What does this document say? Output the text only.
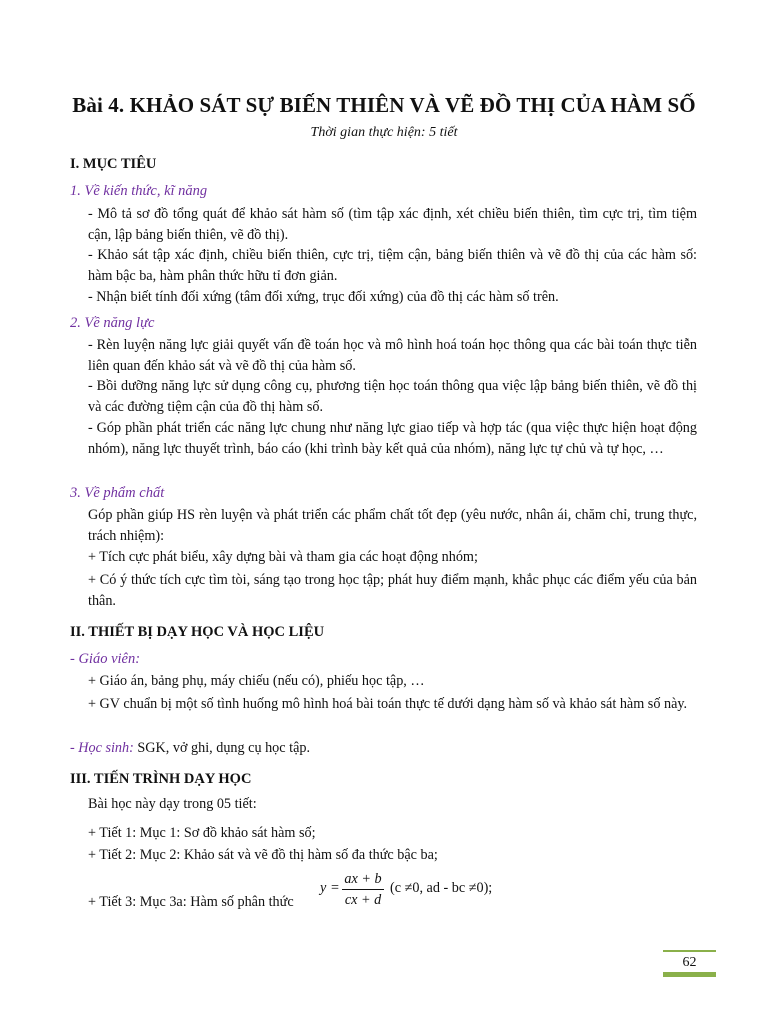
Bài 4. KHẢO SÁT SỰ BIẾN THIÊN VÀ VẼ ĐỒ THỊ CỦA HÀM SỐ
Thời gian thực hiện: 5 tiết
I. MỤC TIÊU
1. Về kiến thức, kĩ năng
- Mô tả sơ đồ tổng quát để khảo sát hàm số (tìm tập xác định, xét chiều biến thiên, tìm cực trị, tìm tiệm cận, lập bảng biến thiên, vẽ đồ thị).
- Khảo sát tập xác định, chiều biến thiên, cực trị, tiệm cận, bảng biến thiên và vẽ đồ thị của các hàm số: hàm bậc ba, hàm phân thức hữu tỉ đơn giản.
- Nhận biết tính đối xứng (tâm đối xứng, trục đối xứng) của đồ thị các hàm số trên.
2. Về năng lực
- Rèn luyện năng lực giải quyết vấn đề toán học và mô hình hoá toán học thông qua các bài toán thực tiễn liên quan đến khảo sát và vẽ đồ thị của hàm số.
- Bồi dưỡng năng lực sử dụng công cụ, phương tiện học toán thông qua việc lập bảng biến thiên, vẽ đồ thị và các đường tiệm cận của đồ thị hàm số.
- Góp phần phát triển các năng lực chung như năng lực giao tiếp và hợp tác (qua việc thực hiện hoạt động nhóm), năng lực thuyết trình, báo cáo (khi trình bày kết quả của nhóm), năng lực tự chủ và tự học, …
3. Về phẩm chất
Góp phần giúp HS rèn luyện và phát triển các phẩm chất tốt đẹp (yêu nước, nhân ái, chăm chỉ, trung thực, trách nhiệm):
+ Tích cực phát biểu, xây dựng bài và tham gia các hoạt động nhóm;
+ Có ý thức tích cực tìm tòi, sáng tạo trong học tập; phát huy điểm mạnh, khắc phục các điểm yếu của bản thân.
II. THIẾT BỊ DẠY HỌC VÀ HỌC LIỆU
- Giáo viên:
+ Giáo án, bảng phụ, máy chiếu (nếu có), phiếu học tập, …
+ GV chuẩn bị một số tình huống mô hình hoá bài toán thực tế dưới dạng hàm số và khảo sát hàm số này.
- Học sinh: SGK, vở ghi, dụng cụ học tập.
III. TIẾN TRÌNH DẠY HỌC
Bài học này dạy trong 05 tiết:
+ Tiết 1: Mục 1: Sơ đồ khảo sát hàm số;
+ Tiết 2: Mục 2: Khảo sát và vẽ đồ thị hàm số đa thức bậc ba;
+ Tiết 3: Mục 3a: Hàm số phân thức
y =
ax + b
cx + d
(c ≠0, ad - bc ≠0);
62
